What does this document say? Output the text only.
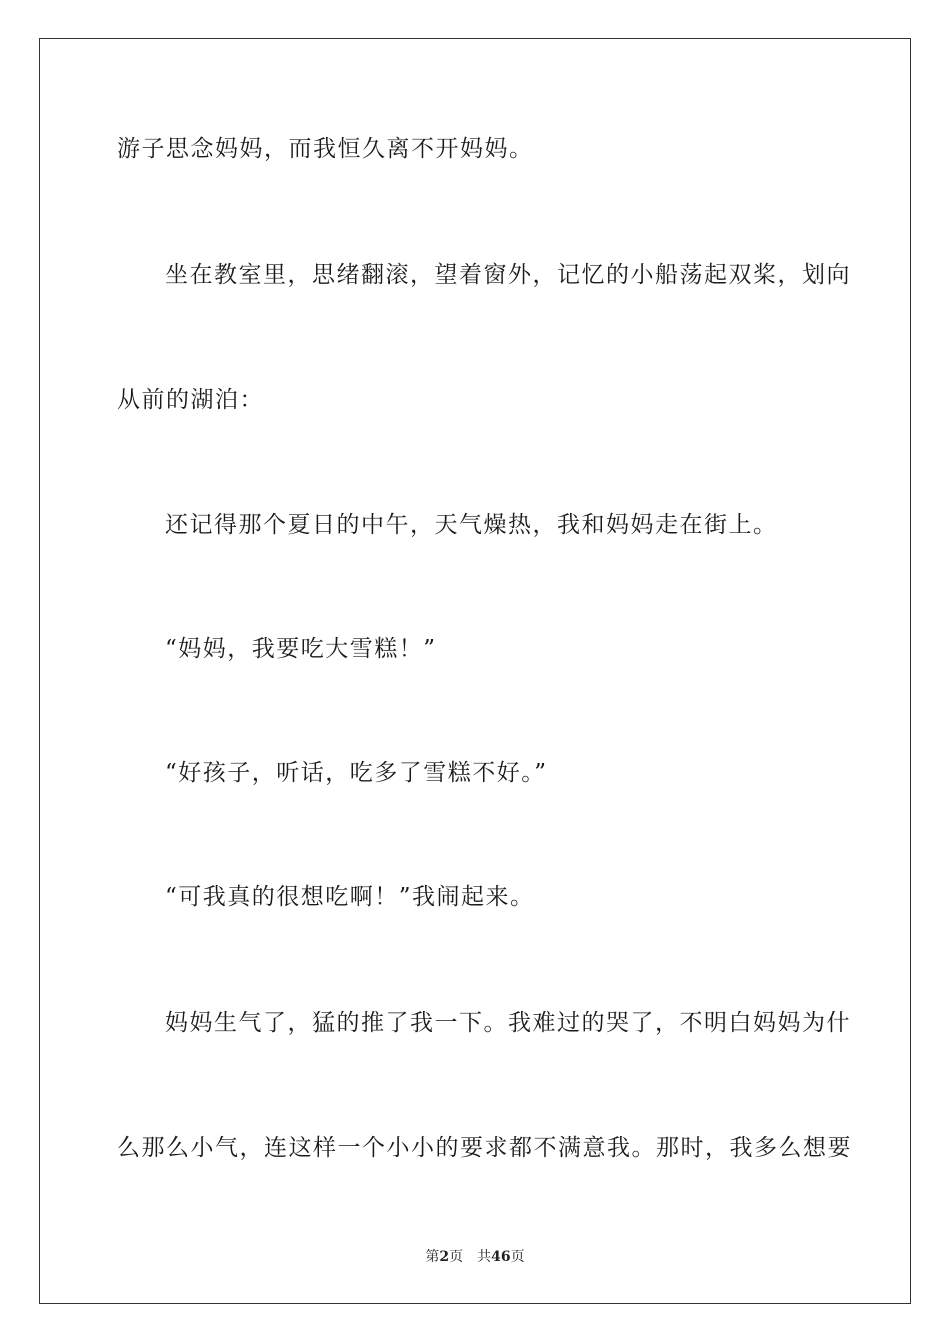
游子思念妈妈，而我恒久离不开妈妈。
坐在教室里，思绪翻滚，望着窗外，记忆的小船荡起双桨，划向
从前的湖泊：
还记得那个夏日的中午，天气燥热，我和妈妈走在街上。
“妈妈，我要吃大雪糕！”
“好孩子，听话，吃多了雪糕不好。”
“可我真的很想吃啊！”我闹起来。
妈妈生气了，猛的推了我一下。我难过的哭了，不明白妈妈为什
么那么小气，连这样一个小小的要求都不满意我。那时，我多么想要
第2页 共46页
